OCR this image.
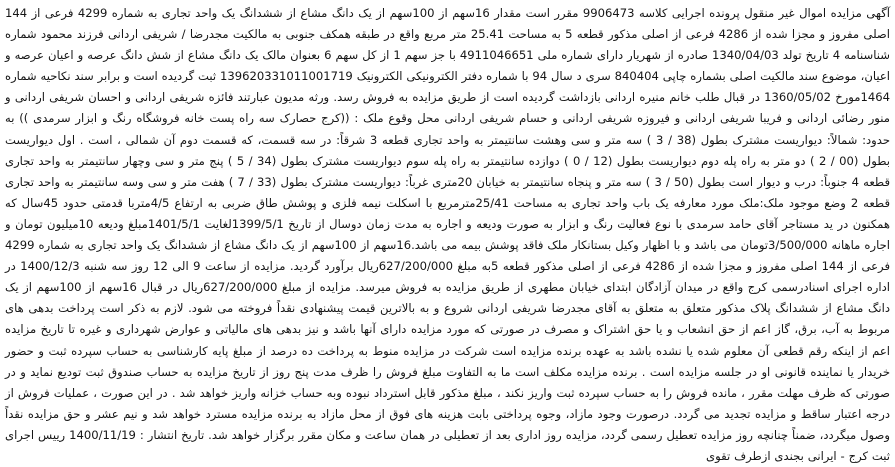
آگهی مزایده اموال غیر منقول پرونده اجرایی کلاسه 9906473 مقرر است مقدار 16سهم از 100سهم از یک دانگ مشاع از ششدانگ یک واحد تجاری به شماره 4299 فرعی از 144 اصلی مفروز و مجزا شده از 4286 فرعی از اصلی مذکور قطعه 5 به مساحت 25.41 متر مربع واقع در طبقه همکف جنوبی به مالکیت مجدرضا / شریفی اردانی فرزند محمود شماره شناسنامه 4 تاریخ تولد 1340/04/03 صادره از شهریار دارای شماره ملی 4911046651 با جز سهم 1 از کل سهم 6 بعنوان مالک یک دانگ مشاع از شش دانگ عرصه و اعیان عرصه و اعیان، موضوع سند مالکیت اصلی بشماره چاپی 840404 سری د سال 94 با شماره دفتر الکترونیکی الکترونیک 139620331011001719 ثبت گردیده است و برابر سند نکاحیه شماره 1464مورخ 1360/05/02 در قبال طلب خانم منیره اردانی بازداشت گردیده است از طریق مزایده به فروش رسد. ورثه مدیون عبارتند فائزه شریفی اردانی و احسان شریفی اردانی و منور رضائی اردانی و فریبا شریفی اردانی و فیروزه شریفی اردانی و حسام شریفی اردانی محل وقوع ملک : ((کرج حصارک سه راه پست خانه فروشگاه رنگ و ابزار سرمدی )) به حدود: شمالاً: دیواریست مشترک بطول (38 / 3 ) سه متر و سی وهشت سانتیمتر به واحد تجاری قطعه 3 شرقاً: در سه قسمت، که قسمت دوم آن شمالی ، است . اول دیواریست بطول (00 / 2 ) دو متر به راه پله دوم دیواریست بطول (12 / 0 ) دوازده سانتیمتر به راه پله سوم دیواریست مشترک بطول (34 / 5 ) پنج متر و سی وچهار سانتیمتر به واحد تجاری قطعه 4 جنوباً: درب و دیوار است بطول (50 / 3 ) سه متر و پنجاه سانتیمتر به خیابان 20متری غرباً: دیواریست مشترک بطول (33 / 7 ) هفت متر و سی وسه سانتیمتر به واحد تجاری قطعه 2 وضع موجود ملک:ملک مورد معارفه یک باب واحد تجاری به مساحت 25/41مترمربع با اسکلت نیمه فلزی و پوشش طاق ضربی به ارتفاع 4/5متربا قدمتی حدود 45سال که همکنون در ید مستاجر آقای حامد سرمدی با نوع فعالیت رنگ و ابزار به صورت ودیعه و اجاره به مدت زمان دوسال از تاریخ 1399/5/1لغایت 1401/5/1مبلغ ودیعه 10میلیون تومان و اجاره ماهانه 3/500/000تومان می باشد و با اظهار وکیل بستانکار ملک فاقد پوشش بیمه می باشد.16سهم از 100سهم از یک دانگ مشاع از ششدانگ یک واحد تجاری به شماره 4299 فرعی از 144 اصلی مفروز و مجزا شده از 4286 فرعی از اصلی مذکور قطعه 5به مبلغ 627/200/000ریال برآورد گردید. مزایده از ساعت 9 الی 12 روز سه شنبه 1400/12/3 در اداره اجرای اسنادرسمی کرج واقع در میدان آزادگان ابتدای خیابان مطهری از طریق مزایده به فروش میرسد. مزایده از مبلغ 627/200/000ریال در قبال 16سهم از 100سهم از یک دانگ مشاع از ششدانگ پلاک مذکور متعلق به متعلق به آقای مجدرضا شریفی اردانی شروع و به بالاترین قیمت پیشنهادی نقداً فروخته می شود. لازم به ذکر است پرداخت بدهی های مربوط به آب، برق، گاز اعم از حق انشعاب و یا حق اشتراک و مصرف در صورتی که مورد مزایده دارای آنها باشد و نیز بدهی های مالیاتی و عوارض شهرداری و غیره تا تاریخ مزایده اعم از اینکه رقم قطعی آن معلوم شده یا نشده باشد به عهده برنده مزایده است شرکت در مزایده منوط به پرداخت ده درصد از مبلغ پایه کارشناسی به حساب سپرده ثبت و حضور خریدار یا نماینده قانونی او در جلسه مزایده است . برنده مزایده مکلف است ما به التفاوت مبلغ فروش را ظرف مدت پنج روز از تاریخ مزایده به حساب صندوق ثبت تودیع نماید و در صورتی که ظرف مهلت مقرر ، مانده فروش را به حساب سپرده ثبت واریز نکند ، مبلغ مذکور قابل استرداد نبوده وبه حساب خزانه واریز خواهد شد . در این صورت ، عملیات فروش از درجه اعتبار ساقط و مزایده تجدید می گردد. درصورت وجود مازاد، وجوه پرداختی بابت هزینه های فوق از محل مازاد به برنده مزایده مسترد خواهد شد و نیم عشر و حق مزایده نقداً وصول میگردد، ضمناً چنانچه روز مزایده تعطیل رسمی گردد، مزایده روز اداری بعد از تعطیلی در همان ساعت و مکان مقرر برگزار خواهد شد. تاریخ انتشار : 1400/11/19 رییس اجرای ثبت کرج - ایرانی بجندی ازطرف تقوی
